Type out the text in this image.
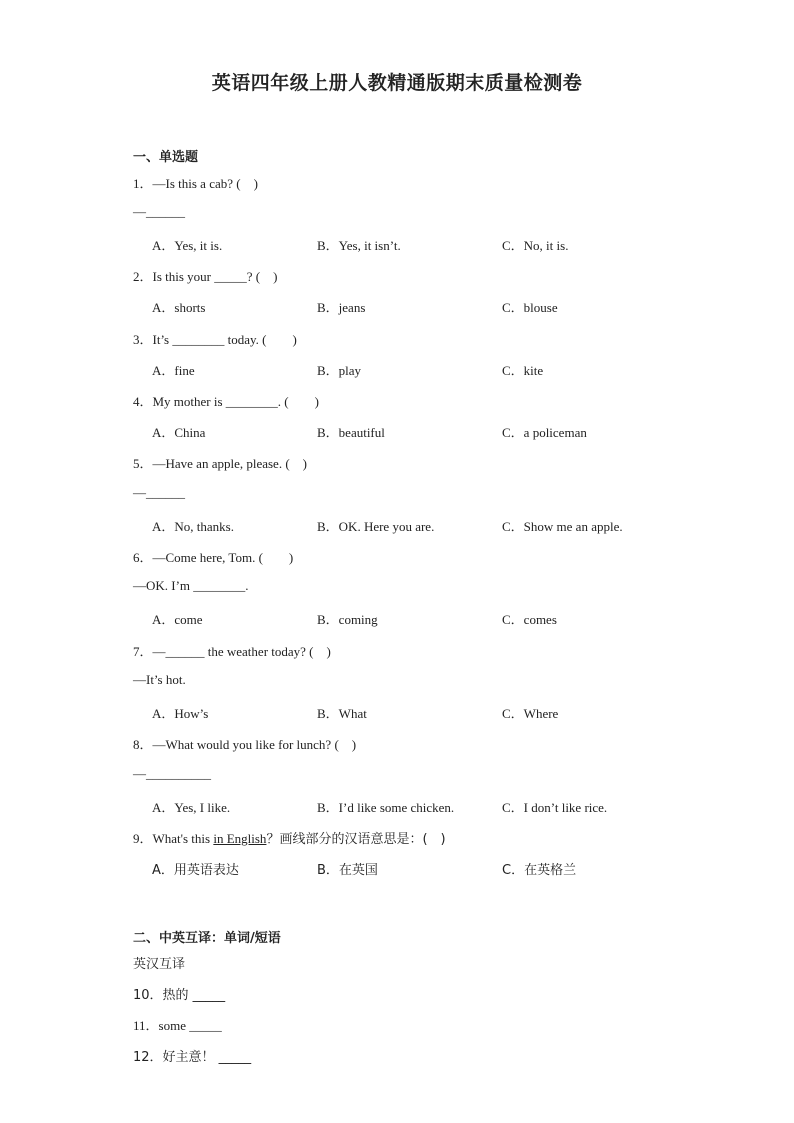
英语四年级上册人教精通版期末质量检测卷
一、单选题
1．—Is this a cab? (　)
—______
A．Yes, it is.	B．Yes, it isn’t.	C．No, it is.
2．Is this your _____? (　)
A．shorts	B．jeans	C．blouse
3．It’s ________ today. (　　)
A．fine	B．play	C．kite
4．My mother is ________. (　　)
A．China	B．beautiful	C．a policeman
5．—Have an apple, please. (　)
—______
A．No, thanks.	B．OK. Here you are.	C．Show me an apple.
6．—Come here, Tom. (　　)
—OK. I’m ________.
A．come	B．coming	C．comes
7．—______ the weather today? (　)
—It’s hot.
A．How’s	B．What	C．Where
8．—What would you like for lunch? (　)
—__________
A．Yes, I like.	B．I’d like some chicken.	C．I don’t like rice.
9．What's this in English？画线部分的汉语意思是：(　)
A．用英语表达	B．在英国	C．在英格兰
二、中英互译：单词/短语
英汉互译
10．热的 _____
11．some _____
12．好主意！ _____
